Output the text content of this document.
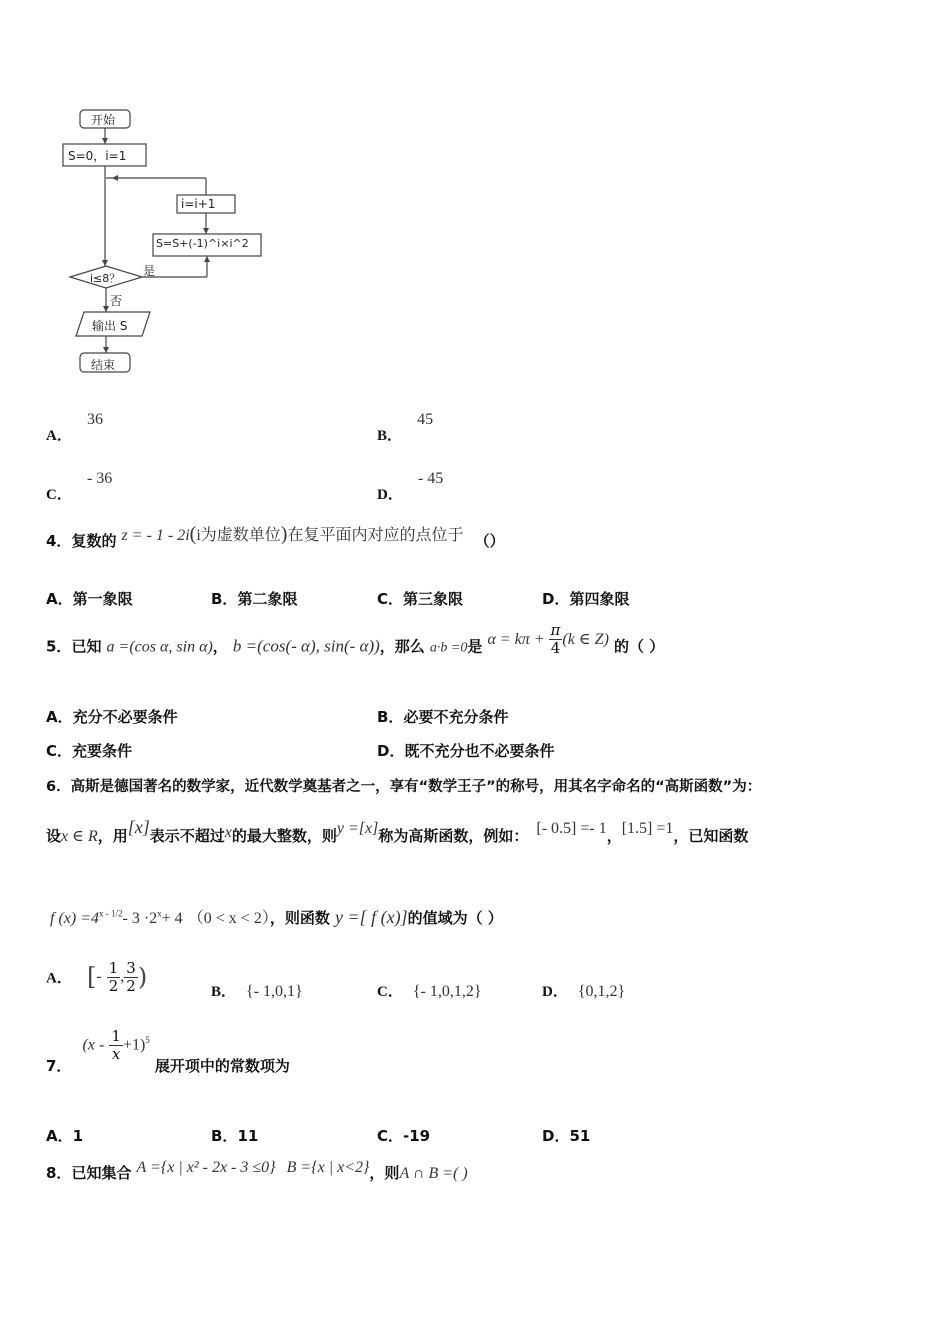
开始
S=0，i=1
i=i+1
S=S+(-1)^i×i^2
i≤8？
是
否
输出 S
结束
A． 36
B． 45
C． - 36
D． - 45
4．复数的 z = - 1 - 2i(i为虚数单位)在复平面内对应的点位于 （）
A．第一象限	B．第二象限	C．第三象限	D．第四象限
5．已知 a =(cos α, sin α)， b =(cos(- α), sin(- α))，那么 a·b =0是 $\alpha = k\pi + \frac{\pi}{4} (k$ ∈ Z) 的（ ）
A．充分不必要条件	B．必要不充分条件
C．充要条件	D．既不充分也不必要条件
6．高斯是德国著名的数学家，近代数学奠基者之一，享有“数学王子”的称号，用其名字命名的“高斯函数”为：
设x ∈ R，用[x]表示不超过x的最大整数，则y =[x]称为高斯函数，例如： [- 0.5] =- 1，[1.5] =1，已知函数
f $(x) =4^{x - 1/2}-$ $3 \cdot 2^x+ 4$ （0 < x < 2），则函数 y =[ f (x)]的值域为（ ）
A． [- $\frac{1}{2}$ , $\frac{3}{2}$ )
B． {- 1,0,1}	C． {- 1,0,1,2}	D． {0,1,2}
7． $(x - \frac{1}{x} +1)^5$ 展开项中的常数项为
A．1	B．11	C．-19	D．51
8．已知集合 A ={x | x² - 2x - 3 ≤0} B ={x | x<2}，则A ∩ B =( )
